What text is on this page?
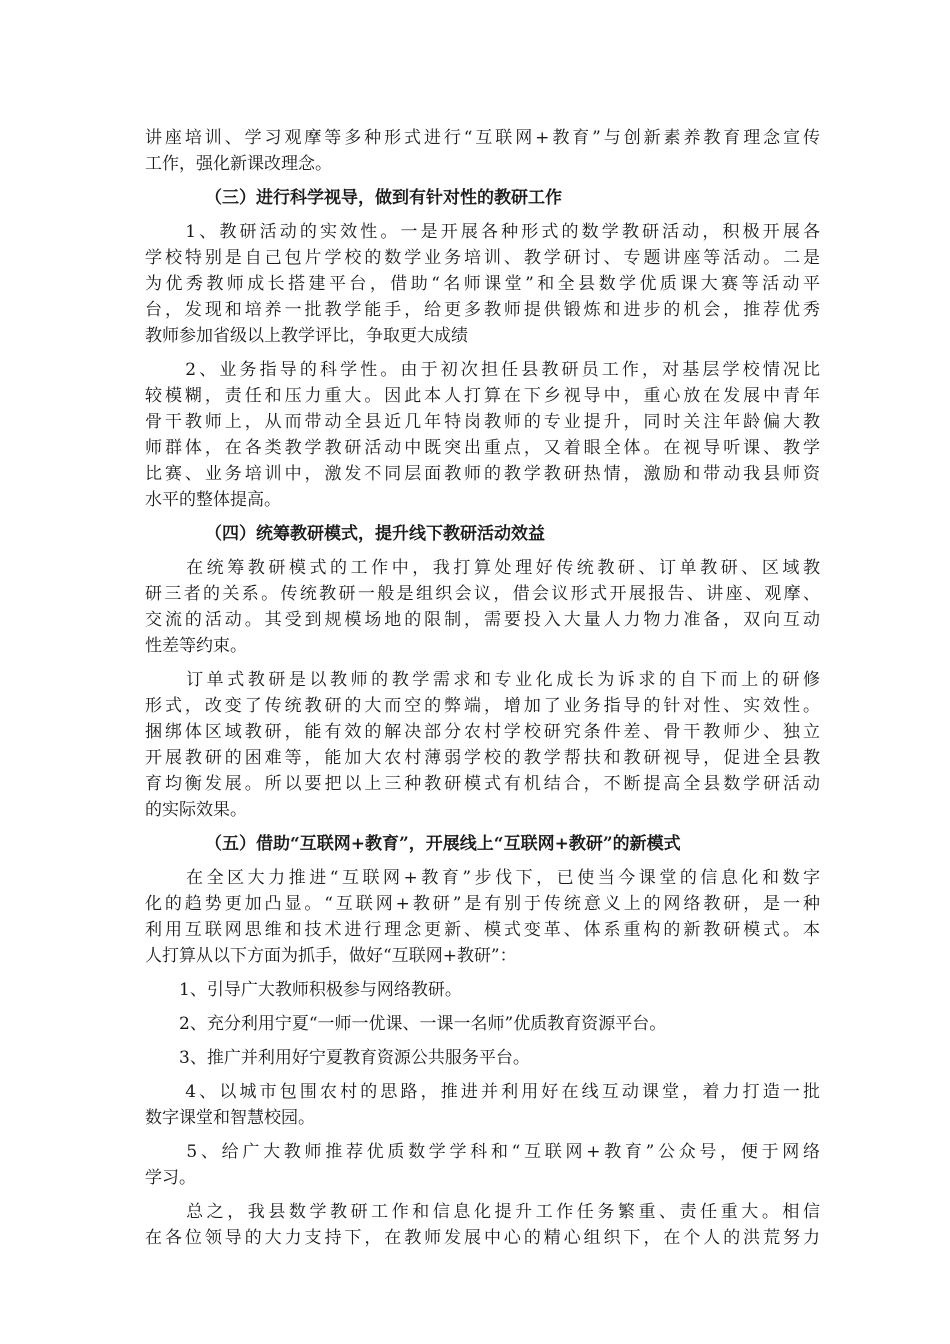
讲座培训、学习观摩等多种形式进行“互联网+教育”与创新素养教育理念宣传
工作，强化新课改理念。

（三）进行科学视导，做到有针对性的教研工作

　　1、教研活动的实效性。一是开展各种形式的数学教研活动，积极开展各
学校特别是自己包片学校的数学业务培训、教学研讨、专题讲座等活动。二是
为优秀教师成长搭建平台，借助“名师课堂”和全县数学优质课大赛等活动平
台，发现和培养一批教学能手，给更多教师提供锻炼和进步的机会，推荐优秀
教师参加省级以上教学评比，争取更大成绩

　　2、业务指导的科学性。由于初次担任县教研员工作，对基层学校情况比
较模糊，责任和压力重大。因此本人打算在下乡视导中，重心放在发展中青年
骨干教师上，从而带动全县近几年特岗教师的专业提升，同时关注年龄偏大教
师群体，在各类教学教研活动中既突出重点，又着眼全体。在视导听课、教学
比赛、业务培训中，激发不同层面教师的教学教研热情，激励和带动我县师资
水平的整体提高。

（四）统筹教研模式，提升线下教研活动效益

　　在统筹教研模式的工作中，我打算处理好传统教研、订单教研、区域教
研三者的关系。传统教研一般是组织会议，借会议形式开展报告、讲座、观摩、
交流的活动。其受到规模场地的限制，需要投入大量人力物力准备，双向互动
性差等约束。

　　订单式教研是以教师的教学需求和专业化成长为诉求的自下而上的研修
形式，改变了传统教研的大而空的弊端，增加了业务指导的针对性、实效性。
捆绑体区域教研，能有效的解决部分农村学校研究条件差、骨干教师少、独立
开展教研的困难等，能加大农村薄弱学校的教学帮扶和教研视导，促进全县教
育均衡发展。所以要把以上三种教研模式有机结合，不断提高全县数学研活动
的实际效果。

（五）借助“互联网+教育”，开展线上“互联网+教研”的新模式

　　在全区大力推进“互联网+教育”步伐下，已使当今课堂的信息化和数字
化的趋势更加凸显。“互联网+教研”是有别于传统意义上的网络教研，是一种
利用互联网思维和技术进行理念更新、模式变革、体系重构的新教研模式。本
人打算从以下方面为抓手，做好“互联网+教研”：

　　1、引导广大教师积极参与网络教研。

　　2、充分利用宁夏“一师一优课、一课一名师”优质教育资源平台。

　　3、推广并利用好宁夏教育资源公共服务平台。

　　4、以城市包围农村的思路，推进并利用好在线互动课堂，着力打造一批
数字课堂和智慧校园。

　　5、给广大教师推荐优质数学学科和“互联网+教育”公众号，便于网络
学习。

　　总之，我县数学教研工作和信息化提升工作任务繁重、责任重大。相信
在各位领导的大力支持下，在教师发展中心的精心组织下，在个人的洪荒努力
